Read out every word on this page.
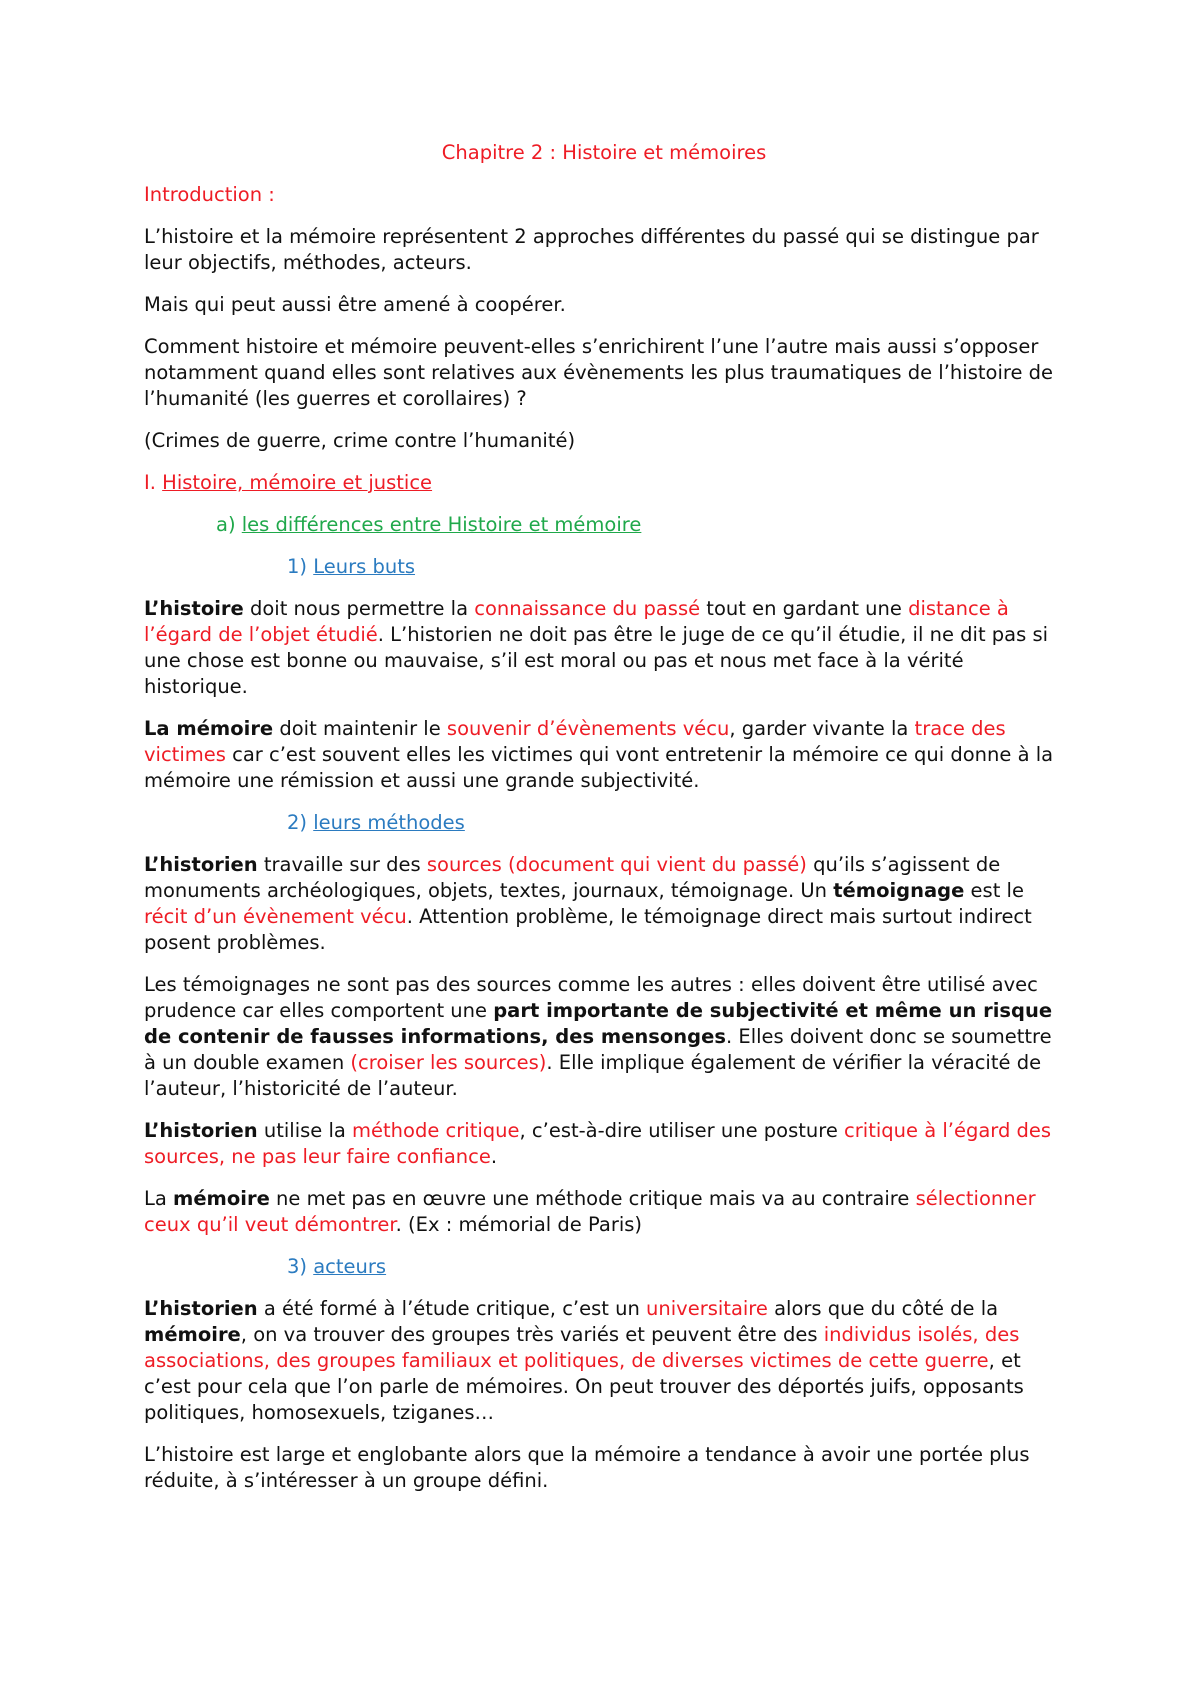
Chapitre 2 : Histoire et mémoires

Introduction :

L’histoire et la mémoire représentent 2 approches différentes du passé qui se distingue par leur objectifs, méthodes, acteurs.

Mais qui peut aussi être amené à coopérer.

Comment histoire et mémoire peuvent-elles s’enrichirent l’une l’autre mais aussi s’opposer notamment quand elles sont relatives aux évènements les plus traumatiques de l’histoire de l’humanité (les guerres et corollaires) ?

(Crimes de guerre, crime contre l’humanité)

I. Histoire, mémoire et justice

a) les différences entre Histoire et mémoire

1) Leurs buts

L’histoire doit nous permettre la connaissance du passé tout en gardant une distance à l’égard de l’objet étudié. L’historien ne doit pas être le juge de ce qu’il étudie, il ne dit pas si une chose est bonne ou mauvaise, s’il est moral ou pas et nous met face à la vérité historique.

La mémoire doit maintenir le souvenir d’évènements vécu, garder vivante la trace des victimes car c’est souvent elles les victimes qui vont entretenir la mémoire ce qui donne à la mémoire une rémission et aussi une grande subjectivité.

2) leurs méthodes

L’historien travaille sur des sources (document qui vient du passé) qu’ils s’agissent de monuments archéologiques, objets, textes, journaux, témoignage. Un témoignage est le récit d’un évènement vécu. Attention problème, le témoignage direct mais surtout indirect posent problèmes.

Les témoignages ne sont pas des sources comme les autres : elles doivent être utilisé avec prudence car elles comportent une part importante de subjectivité et même un risque de contenir de fausses informations, des mensonges. Elles doivent donc se soumettre à un double examen (croiser les sources). Elle implique également de vérifier la véracité de l’auteur, l’historicité de l’auteur.

L’historien utilise la méthode critique, c’est-à-dire utiliser une posture critique à l’égard des sources, ne pas leur faire confiance.

La mémoire ne met pas en œuvre une méthode critique mais va au contraire sélectionner ceux qu’il veut démontrer. (Ex : mémorial de Paris)

3) acteurs

L’historien a été formé à l’étude critique, c’est un universitaire alors que du côté de la mémoire, on va trouver des groupes très variés et peuvent être des individus isolés, des associations, des groupes familiaux et politiques, de diverses victimes de cette guerre, et c’est pour cela que l’on parle de mémoires. On peut trouver des déportés juifs, opposants politiques, homosexuels, tziganes…

L’histoire est large et englobante alors que la mémoire a tendance à avoir une portée plus réduite, à s’intéresser à un groupe défini.
